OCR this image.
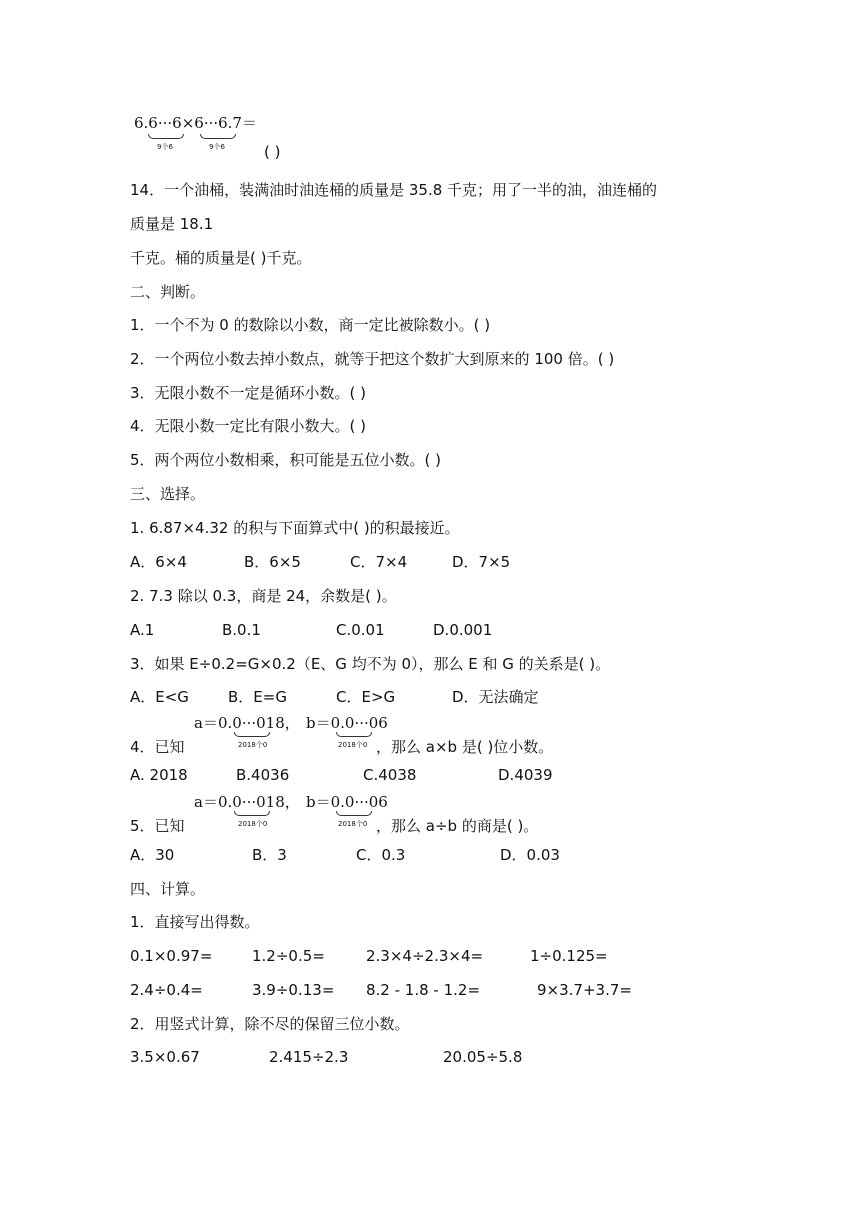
6.6···6×6···6.7＝
9个6	9个6	( )
14．一个油桶，装满油时油连桶的质量是 35.8 千克；用了一半的油，油连桶的
质量是 18.1
千克。桶的质量是( )千克。
二、判断。
1．一个不为 0 的数除以小数，商一定比被除数小。( )
2．一个两位小数去掉小数点，就等于把这个数扩大到原来的 100 倍。( )
3．无限小数不一定是循环小数。( )
4．无限小数一定比有限小数大。( )
5．两个两位小数相乘，积可能是五位小数。( )
三、选择。
1. 6.87×4.32 的积与下面算式中( )的积最接近。
A．6×4	B．6×5	C．7×4	D．7×5
2. 7.3 除以 0.3，商是 24，余数是( )。
A.1	B.0.1	C.0.01	D.0.001
3．如果 E÷0.2=G×0.2（E、G 均不为 0），那么 E 和 G 的关系是( )。
A．E<G	B．E=G	C．E>G	D．无法确定
a＝0.0···018， b＝0.0···06
2018个0	2018个0
4．已知	，那么 a×b 是( )位小数。
A. 2018	B.4036	C.4038	D.4039
a＝0.0···018， b＝0.0···06
2018个0	2018个0
5．已知	，那么 a÷b 的商是( )。
A．30	B．3	C．0.3	D．0.03
四、计算。
1．直接写出得数。
0.1×0.97=	1.2÷0.5=	2.3×4÷2.3×4=	1÷0.125=
2.4÷0.4=	3.9÷0.13= 8.2 - 1.8 - 1.2=	9×3.7+3.7=
2．用竖式计算，除不尽的保留三位小数。
3.5×0.67	2.415÷2.3	20.05÷5.8
